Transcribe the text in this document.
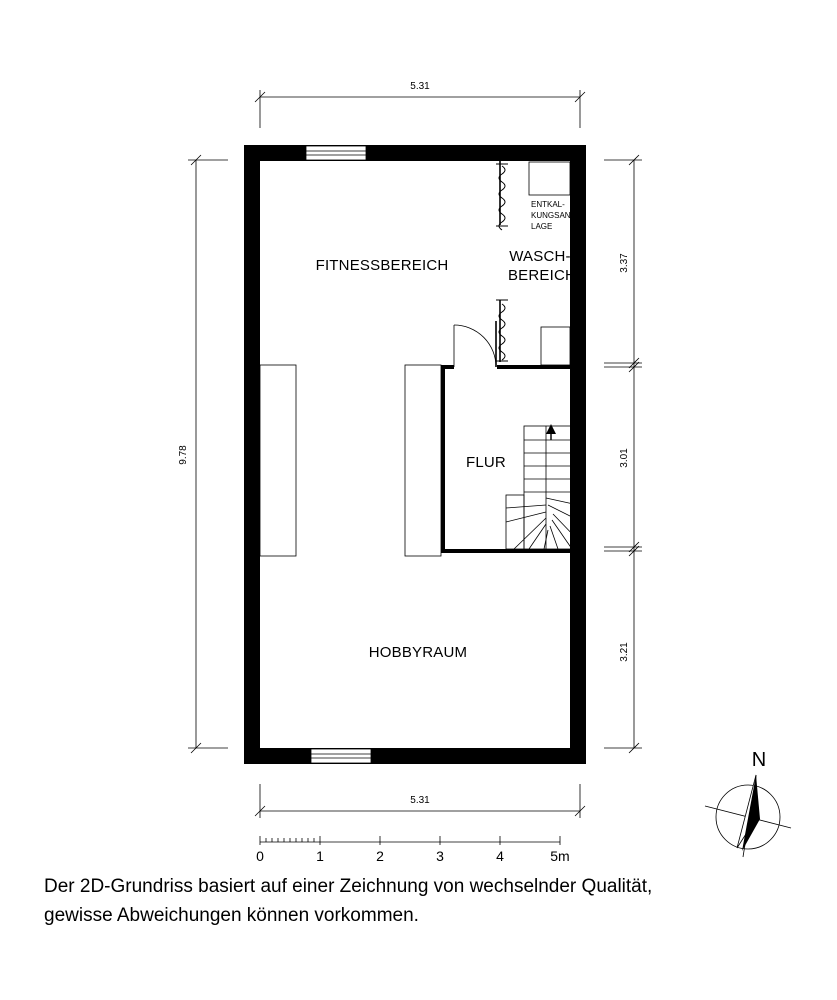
5.31
5.31
9.78
3.37
3.01
3.21
FITNESSBEREICH
WASCH-
BEREICH
FLUR
HOBBYRAUM
ENTKAL-
KUNGSAN-
LAGE
0	1	2	3	4	5m
N

Der 2D-Grundriss basiert auf einer Zeichnung von wechselnder Qualität,
gewisse Abweichungen können vorkommen.
